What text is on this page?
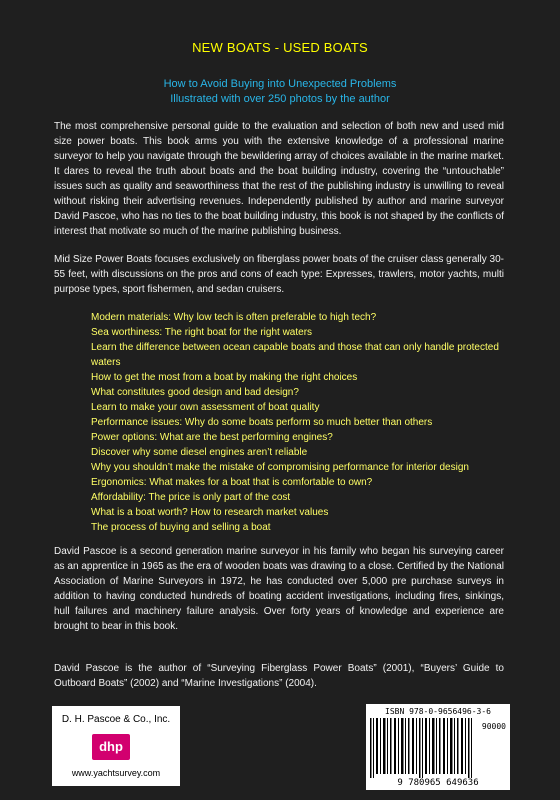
NEW BOATS - USED BOATS
How to Avoid Buying into Unexpected Problems
Illustrated with over 250 photos by the author
The most comprehensive personal guide to the evaluation and selection of both new and used mid size power boats. This book arms you with the extensive knowledge of a professional marine surveyor to help you navigate through the bewildering array of choices available in the marine market. It dares to reveal the truth about boats and the boat building industry, covering the “untouchable” issues such as quality and seaworthiness that the rest of the publishing industry is unwilling to reveal without risking their advertising revenues. Independently published by author and marine surveyor David Pascoe, who has no ties to the boat building industry, this book is not shaped by the conflicts of interest that motivate so much of the marine publishing business.
Mid Size Power Boats focuses exclusively on fiberglass power boats of the cruiser class generally 30-55 feet, with discussions on the pros and cons of each type: Expresses, trawlers, motor yachts, multi purpose types, sport fishermen, and sedan cruisers.
Modern materials: Why low tech is often preferable to high tech?
Sea worthiness: The right boat for the right waters
Learn the difference between ocean capable boats and those that can only handle protected waters
How to get the most from a boat by making the right choices
What constitutes good design and bad design?
Learn to make your own assessment of boat quality
Performance issues: Why do some boats perform so much better than others
Power options: What are the best performing engines?
Discover why some diesel engines aren’t reliable
Why you shouldn’t make the mistake of compromising performance for interior design
Ergonomics: What makes for a boat that is comfortable to own?
Affordability: The price is only part of the cost
What is a boat worth? How to research market values
The process of buying and selling a boat
David Pascoe is a second generation marine surveyor in his family who began his surveying career as an apprentice in 1965 as the era of wooden boats was drawing to a close. Certified by the National Association of Marine Surveyors in 1972, he has conducted over 5,000 pre purchase surveys in addition to having conducted hundreds of boating accident investigations, including fires, sinkings, hull failures and machinery failure analysis. Over forty years of knowledge and experience are brought to bear in this book.
David Pascoe is the author of “Surveying Fiberglass Power Boats” (2001), “Buyers’ Guide to Outboard Boats” (2002) and “Marine Investigations” (2004).
D. H. Pascoe & Co., Inc.
dhp
www.yachtsurvey.com
ISBN 978-0-9656496-3-6
90000
9 780965 649636
